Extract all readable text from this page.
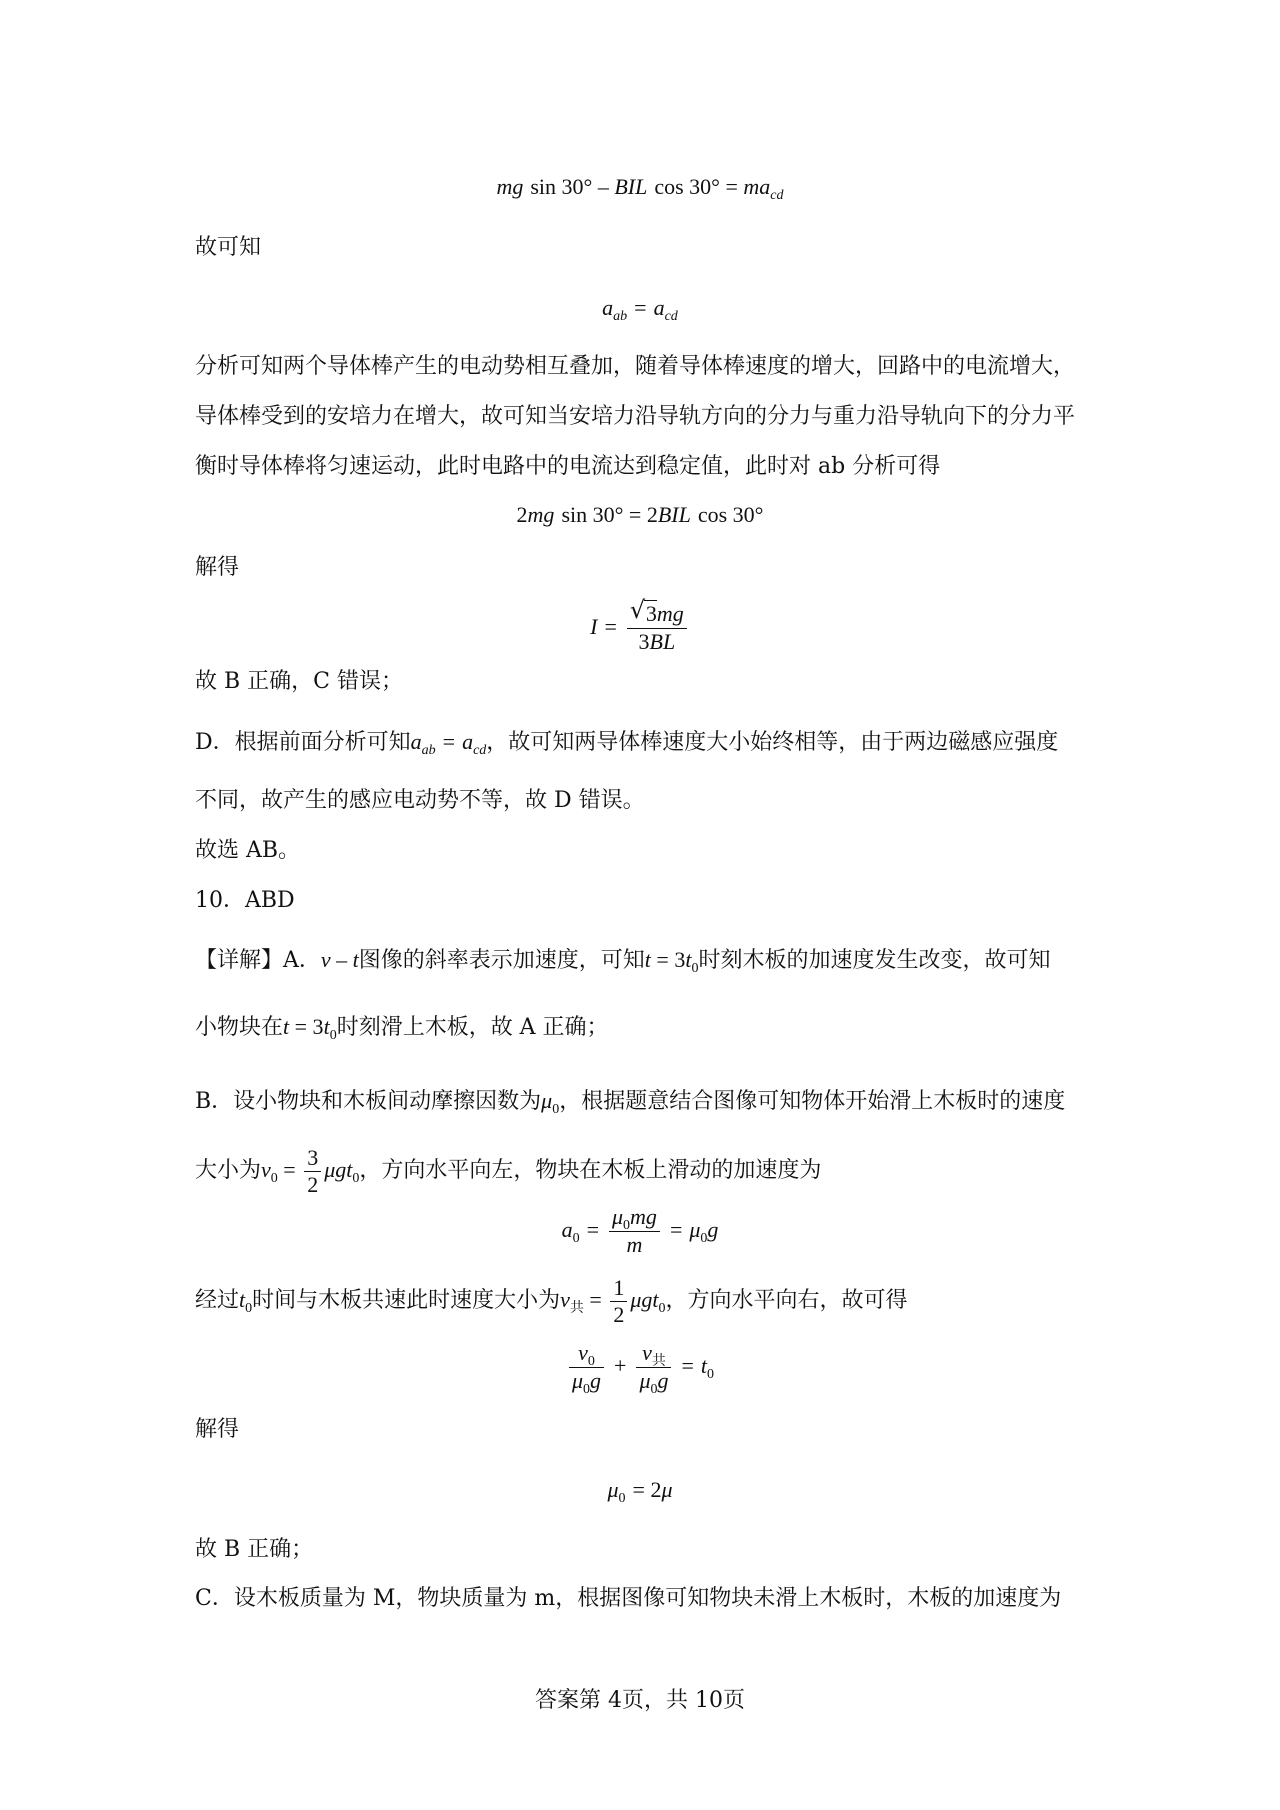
mg sin 30° – BIL $\cos 30^\circ = ma_{cd}$
故可知
$a_{ab} = a_{cd}$
分析可知两个导体棒产生的电动势相互叠加，随着导体棒速度的增大，回路中的电流增大，
导体棒受到的安培力在增大，故可知当安培力沿导轨方向的分力与重力沿导轨向下的分力平
衡时导体棒将匀速运动，此时电路中的电流达到稳定值，此时对 ab 分析可得
2mg sin 30° = 2BIL cos 30°
解得
$I = \frac{√ 3mg}{3BL}$
故 B 正确，C 错误；
D．根据前面分析可知$a_{ab} = a_{cd}$，故可知两导体棒速度大小始终相等，由于两边磁感应强度
不同，故产生的感应电动势不等，故 D 错误。
故选 AB。
10．ABD
【详解】A．v – t图像的斜率表示加速度，可知$t = 3t_0$时刻木板的加速度发生改变，故可知
小物块在$t = 3t_0$时刻滑上木板，故 A 正确；
B．设小物块和木板间动摩擦因数为$\mu_0$，根据题意结合图像可知物体开始滑上木板时的速度
大小为$v_0 = \frac{3}{2} \mu gt_0$，方向水平向左，物块在木板上滑动的加速度为
$a_0 = \frac{\mu_0mg}{m} = \mu_0g$
经过$t_0$时间与木板共速此时速度大小为$v_共 = \frac{1}{2} \mu gt_0$，方向水平向右，故可得
$\frac{v_0}{\mu_0g} + \frac{v_共}{\mu_0g} = t_0$
解得
$\mu_0 = 2\mu$
故 B 正确；
C．设木板质量为 M，物块质量为 m，根据图像可知物块未滑上木板时，木板的加速度为
答案第 4页，共 10页
